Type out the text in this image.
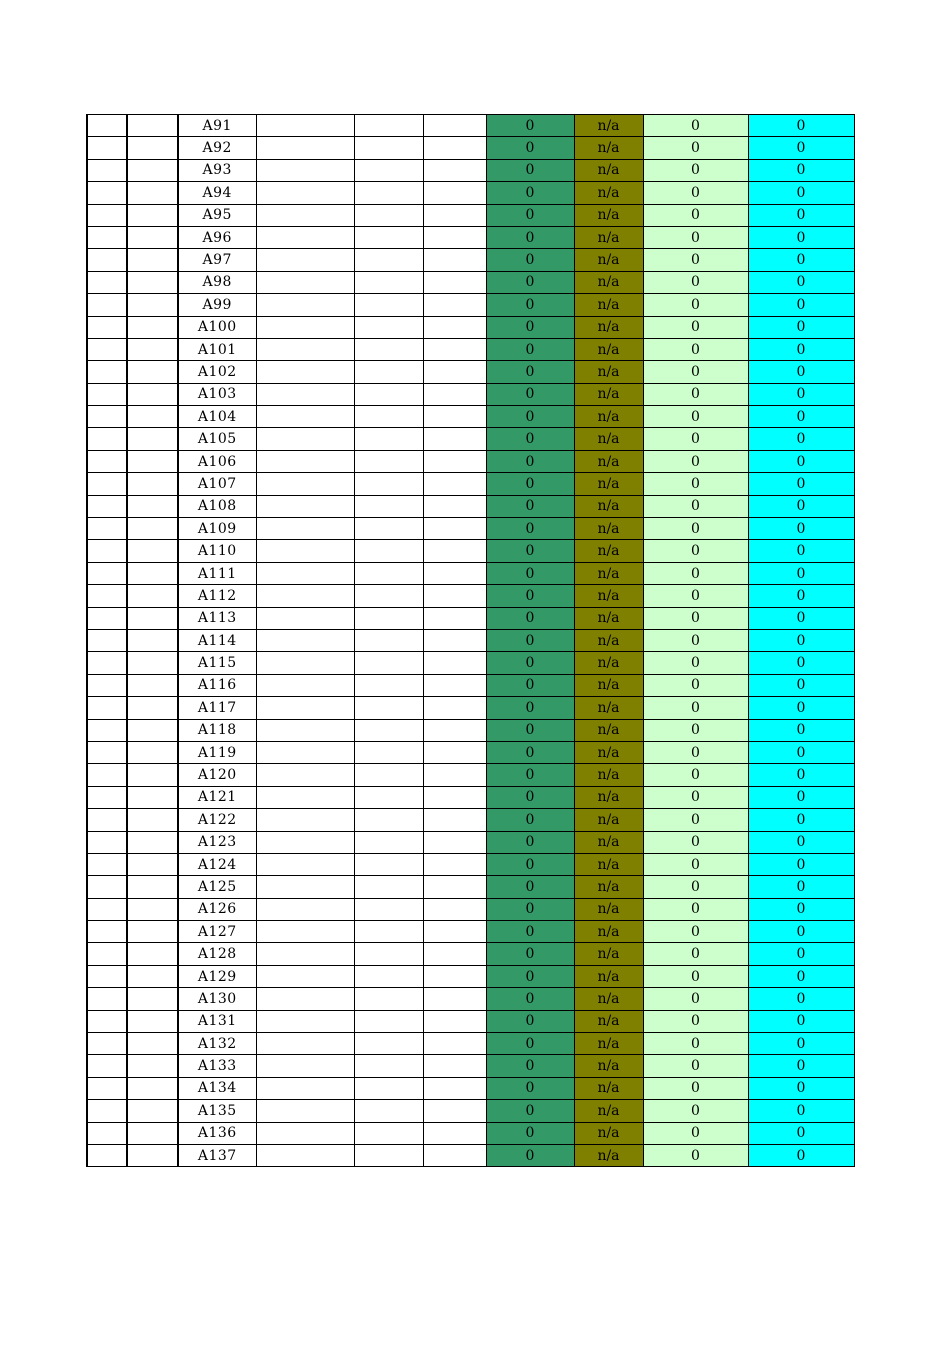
		A91				0	n/a	0	0
		A92				0	n/a	0	0
		A93				0	n/a	0	0
		A94				0	n/a	0	0
		A95				0	n/a	0	0
		A96				0	n/a	0	0
		A97				0	n/a	0	0
		A98				0	n/a	0	0
		A99				0	n/a	0	0
		A100				0	n/a	0	0
		A101				0	n/a	0	0
		A102				0	n/a	0	0
		A103				0	n/a	0	0
		A104				0	n/a	0	0
		A105				0	n/a	0	0
		A106				0	n/a	0	0
		A107				0	n/a	0	0
		A108				0	n/a	0	0
		A109				0	n/a	0	0
		A110				0	n/a	0	0
		A111				0	n/a	0	0
		A112				0	n/a	0	0
		A113				0	n/a	0	0
		A114				0	n/a	0	0
		A115				0	n/a	0	0
		A116				0	n/a	0	0
		A117				0	n/a	0	0
		A118				0	n/a	0	0
		A119				0	n/a	0	0
		A120				0	n/a	0	0
		A121				0	n/a	0	0
		A122				0	n/a	0	0
		A123				0	n/a	0	0
		A124				0	n/a	0	0
		A125				0	n/a	0	0
		A126				0	n/a	0	0
		A127				0	n/a	0	0
		A128				0	n/a	0	0
		A129				0	n/a	0	0
		A130				0	n/a	0	0
		A131				0	n/a	0	0
		A132				0	n/a	0	0
		A133				0	n/a	0	0
		A134				0	n/a	0	0
		A135				0	n/a	0	0
		A136				0	n/a	0	0
		A137				0	n/a	0	0
